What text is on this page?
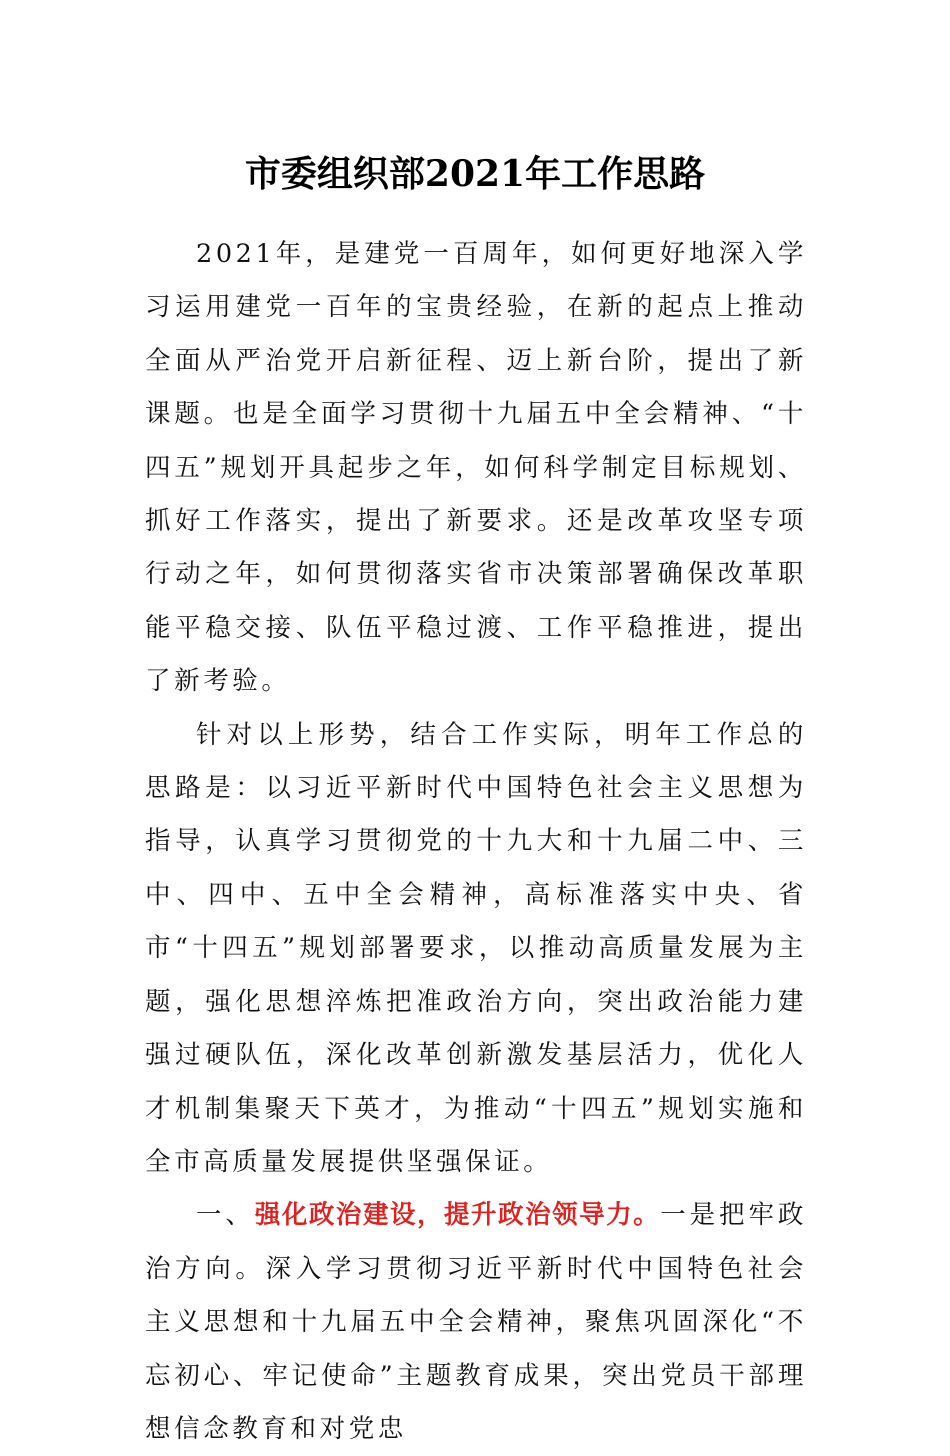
市委组织部2021年工作思路

2021年，是建党一百周年，如何更好地深入学习运用建党一百年的宝贵经验，在新的起点上推动全面从严治党开启新征程、迈上新台阶，提出了新课题。也是全面学习贯彻十九届五中全会精神、“十四五”规划开具起步之年，如何科学制定目标规划、抓好工作落实，提出了新要求。还是改革攻坚专项行动之年，如何贯彻落实省市决策部署确保改革职能平稳交接、队伍平稳过渡、工作平稳推进，提出了新考验。

针对以上形势，结合工作实际，明年工作总的思路是：以习近平新时代中国特色社会主义思想为指导，认真学习贯彻党的十九大和十九届二中、三中、四中、五中全会精神，高标准落实中央、省市“十四五”规划部署要求，以推动高质量发展为主题，强化思想淬炼把准政治方向，突出政治能力建强过硬队伍，深化改革创新激发基层活力，优化人才机制集聚天下英才，为推动“十四五”规划实施和全市高质量发展提供坚强保证。

一、强化政治建设，提升政治领导力。一是把牢政治方向。深入学习贯彻习近平新时代中国特色社会主义思想和十九届五中全会精神，聚焦巩固深化“不忘初心、牢记使命”主题教育成果，突出党员干部理想信念教育和对党忠
